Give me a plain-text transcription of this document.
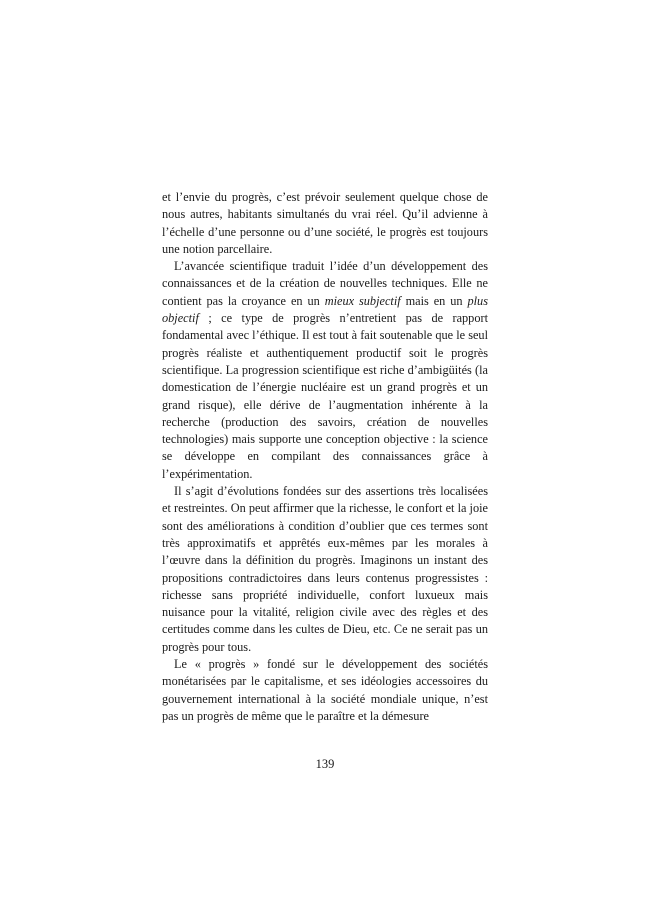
et l’envie du progrès, c’est prévoir seulement quelque chose de nous autres, habitants simultanés du vrai réel. Qu’il advienne à l’échelle d’une personne ou d’une société, le progrès est toujours une notion parcellaire.

L’avancée scientifique traduit l’idée d’un développement des connaissances et de la création de nouvelles techniques. Elle ne contient pas la croyance en un mieux subjectif mais en un plus objectif ; ce type de progrès n’entretient pas de rapport fondamental avec l’éthique. Il est tout à fait soutenable que le seul progrès réaliste et authentiquement productif soit le progrès scientifique. La progression scientifique est riche d’ambigüités (la domestication de l’énergie nucléaire est un grand progrès et un grand risque), elle dérive de l’augmentation inhérente à la recherche (production des savoirs, création de nouvelles technologies) mais supporte une conception objective : la science se développe en compilant des connaissances grâce à l’expérimentation.

Il s’agit d’évolutions fondées sur des assertions très localisées et restreintes. On peut affirmer que la richesse, le confort et la joie sont des améliorations à condition d’oublier que ces termes sont très approximatifs et apprêtés eux-mêmes par les morales à l’œuvre dans la définition du progrès. Imaginons un instant des propositions contradictoires dans leurs contenus progressistes : richesse sans propriété individuelle, confort luxueux mais nuisance pour la vitalité, religion civile avec des règles et des certitudes comme dans les cultes de Dieu, etc. Ce ne serait pas un progrès pour tous.

Le « progrès » fondé sur le développement des sociétés monétarisées par le capitalisme, et ses idéologies accessoires du gouvernement international à la société mondiale unique, n’est pas un progrès de même que le paraître et la démesure

139
